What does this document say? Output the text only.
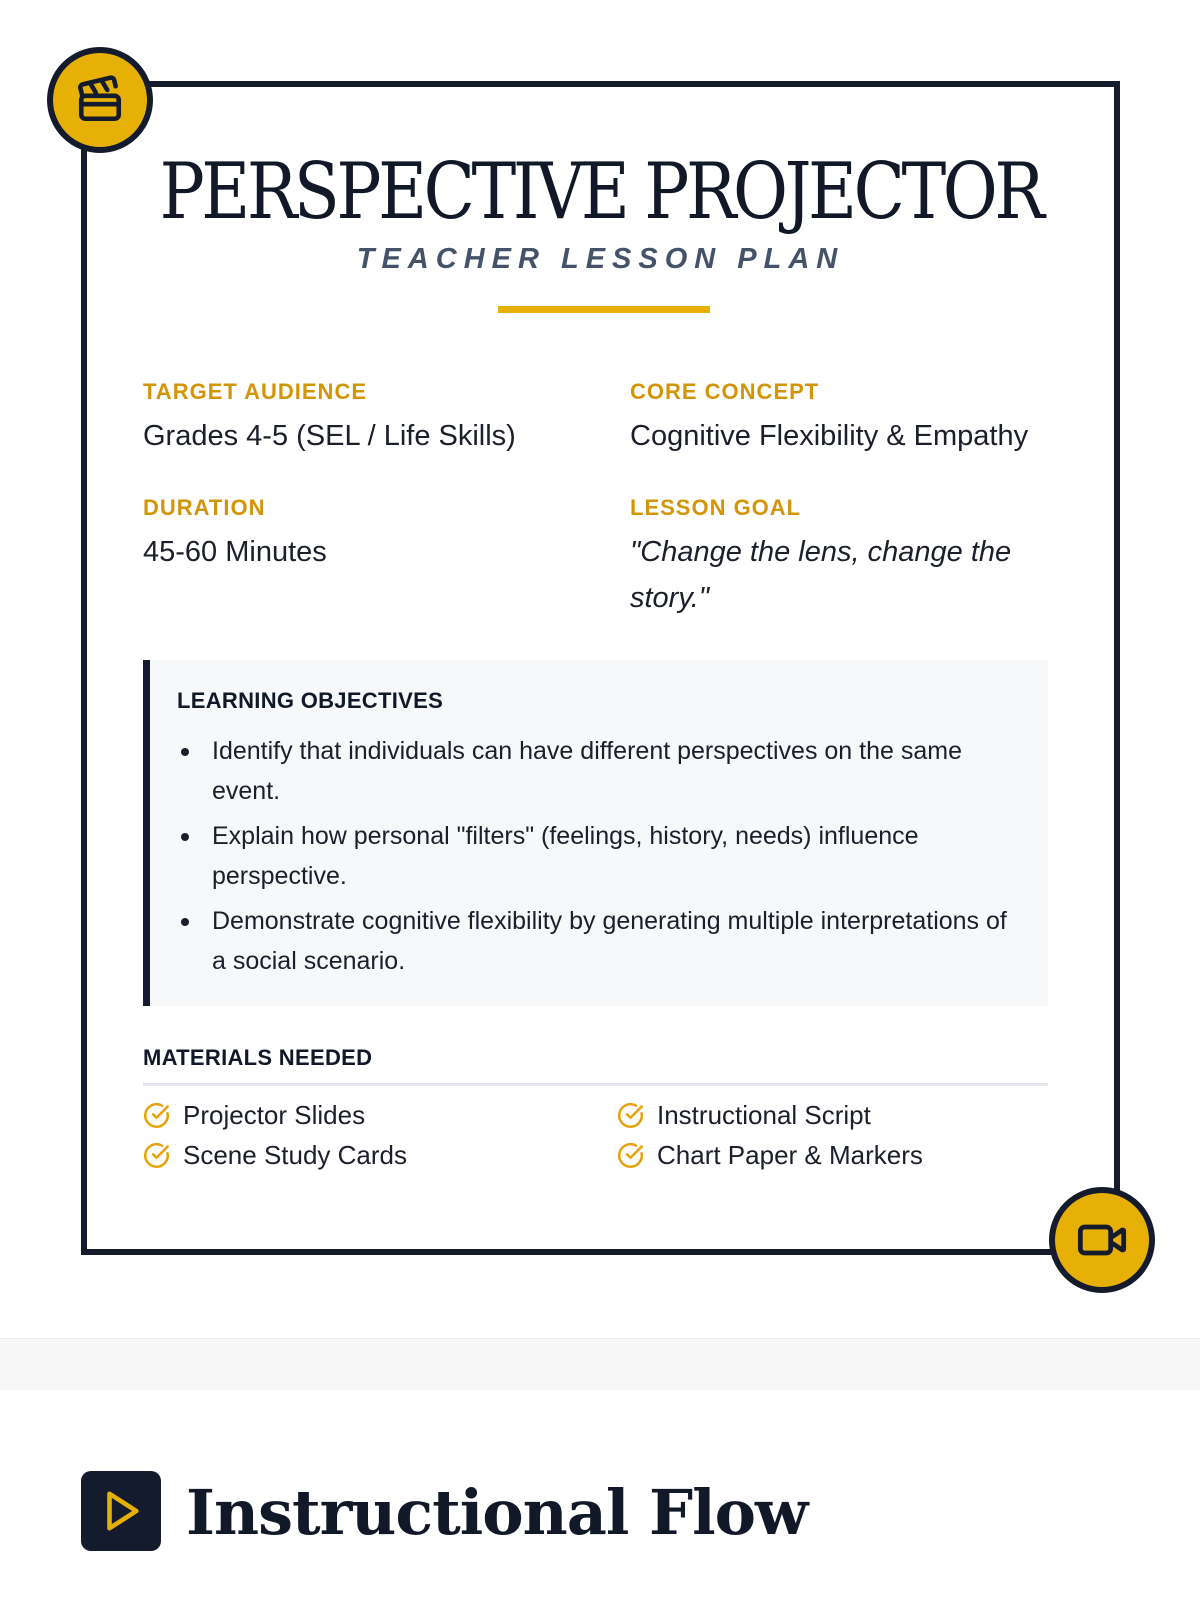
PERSPECTIVE PROJECTOR
TEACHER LESSON PLAN
TARGET AUDIENCE
Grades 4-5 (SEL / Life Skills)
CORE CONCEPT
Cognitive Flexibility & Empathy
DURATION
45-60 Minutes
LESSON GOAL
"Change the lens, change the story."
LEARNING OBJECTIVES
Identify that individuals can have different perspectives on the same event.
Explain how personal "filters" (feelings, history, needs) influence perspective.
Demonstrate cognitive flexibility by generating multiple interpretations of a social scenario.
MATERIALS NEEDED
Projector Slides	Instructional Script
Scene Study Cards	Chart Paper & Markers
Instructional Flow
